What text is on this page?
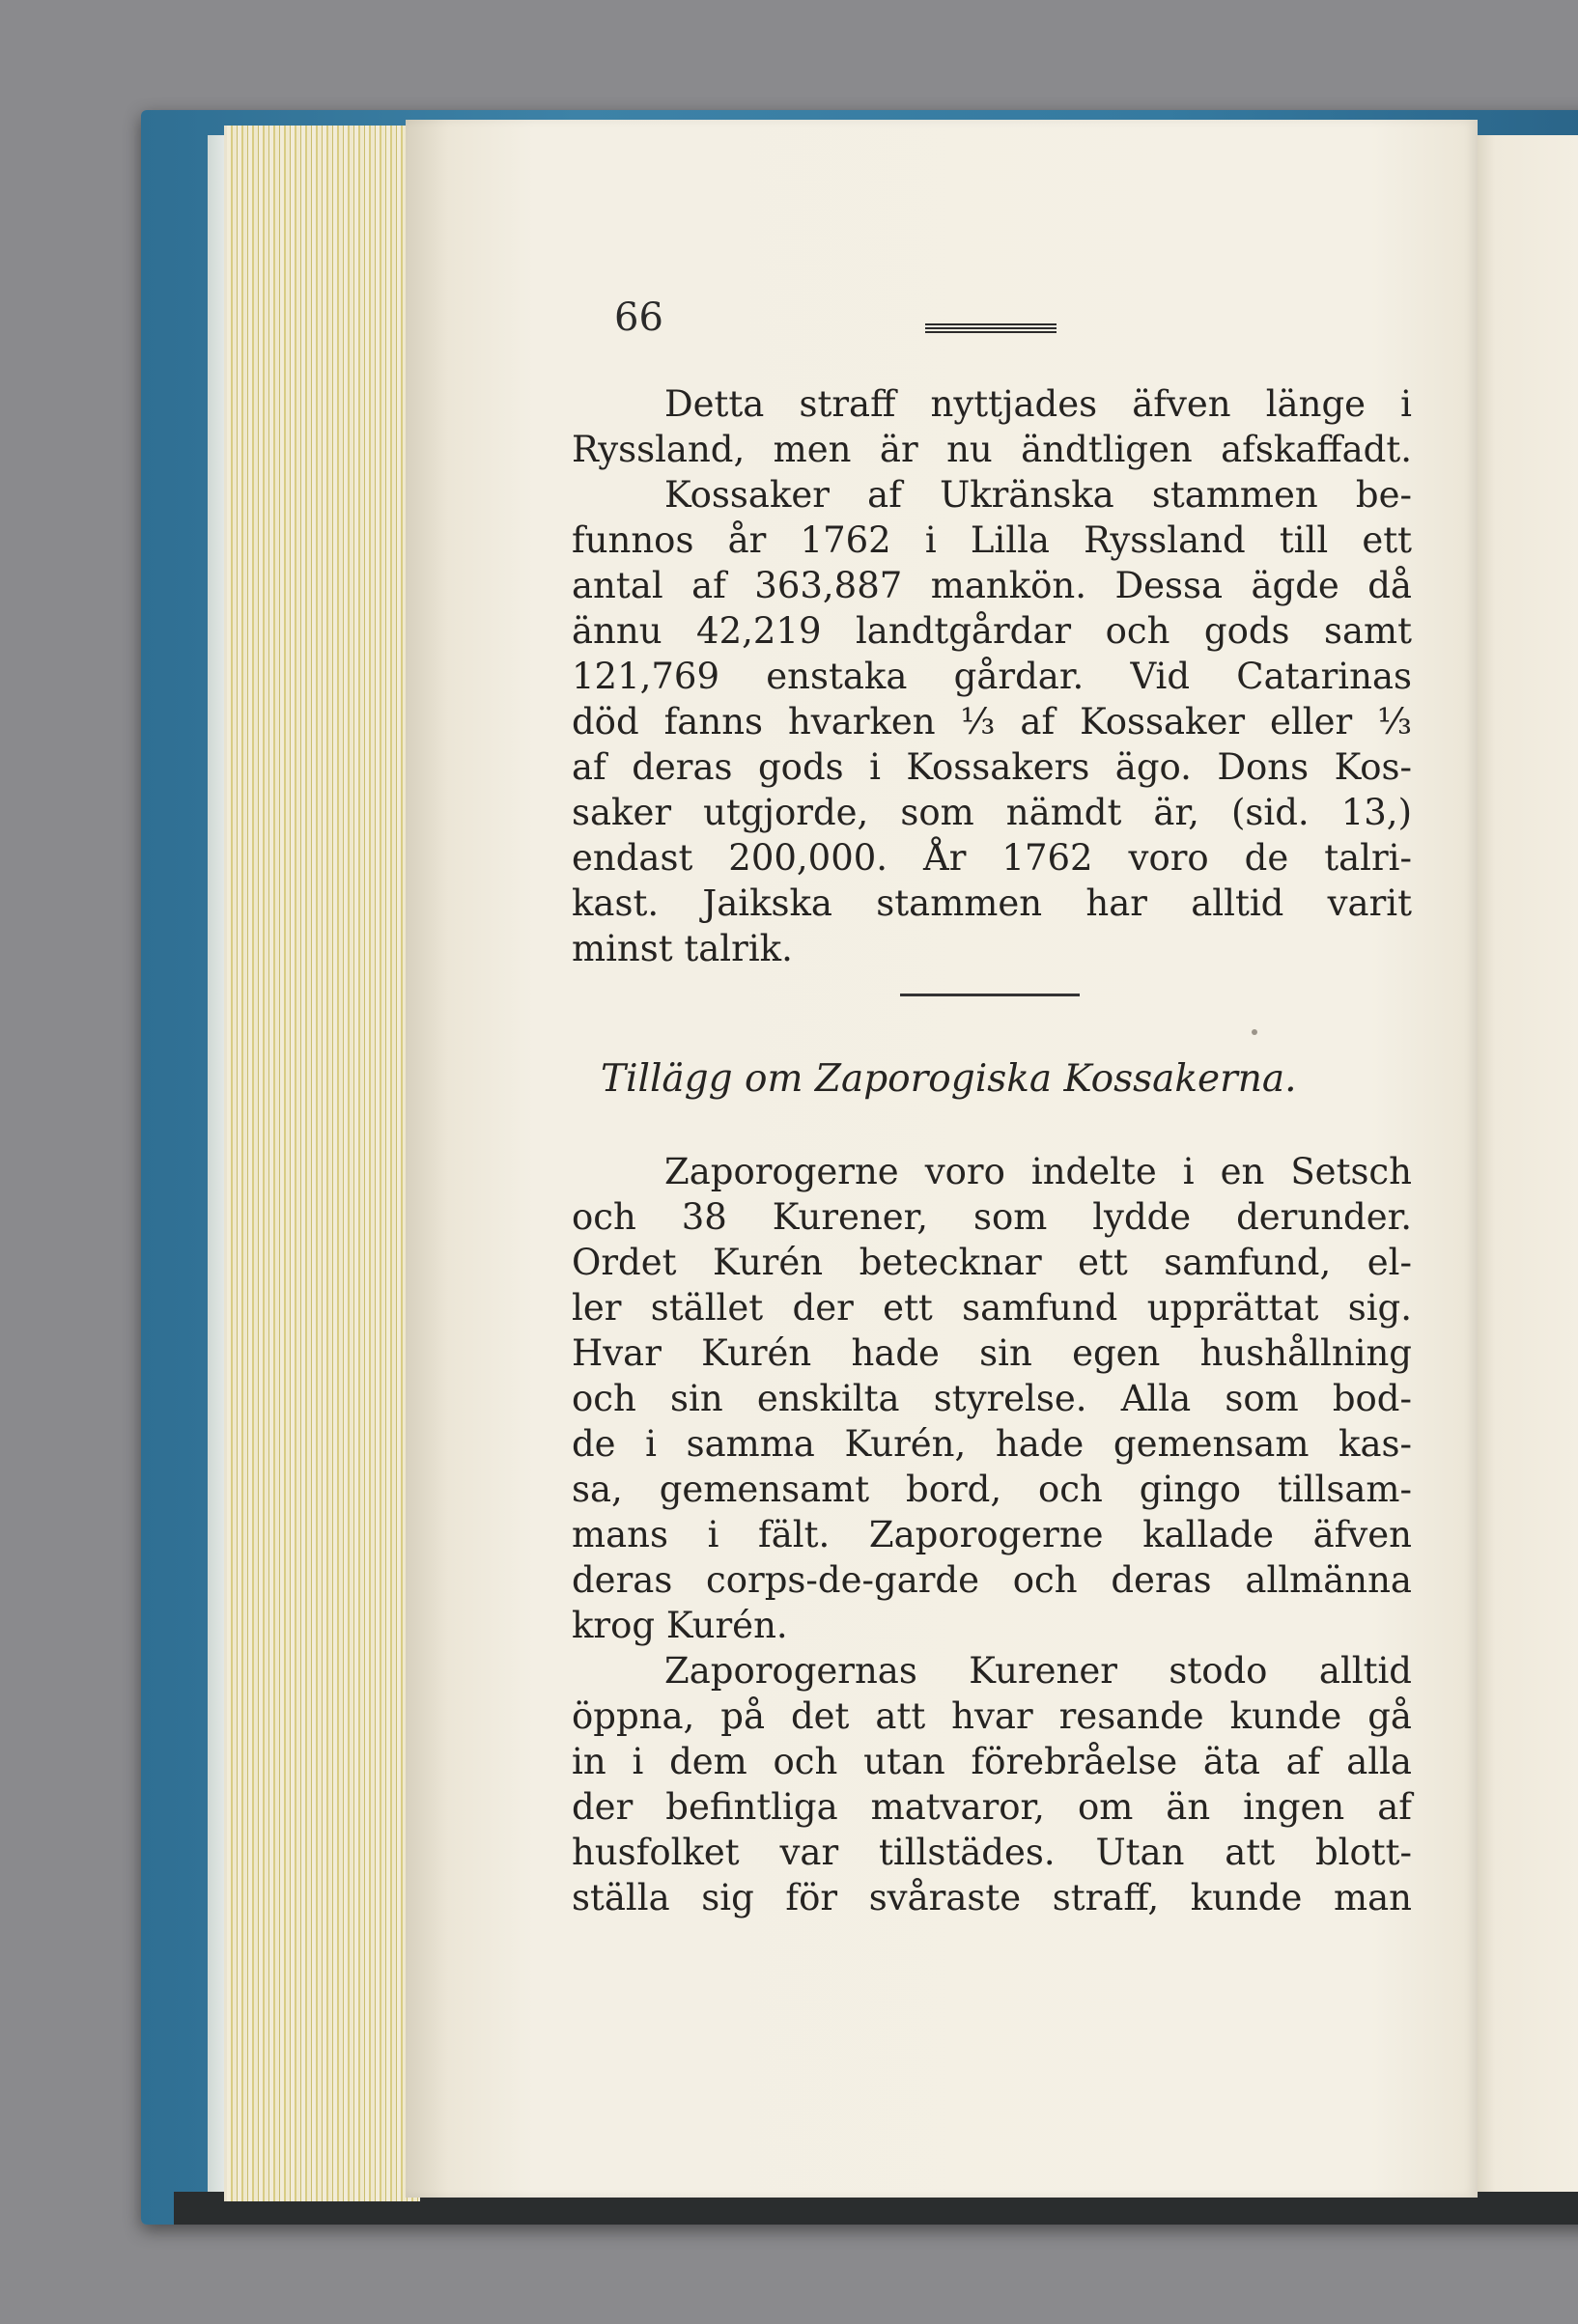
66
Detta straff nyttjades äfven länge i
Ryssland, men är nu ändtligen afskaffadt.
Kossaker af Ukränska stammen be-
funnos år 1762 i Lilla Ryssland till ett
antal af 363,887 mankön. Dessa ägde då
ännu 42,219 landtgårdar och gods samt
121,769 enstaka gårdar. Vid Catarinas
död fanns hvarken ⅓ af Kossaker eller ⅓
af deras gods i Kossakers ägo. Dons Kos-
saker utgjorde, som nämdt är, (sid. 13,)
endast 200,000. År 1762 voro de talri-
kast. Jaikska stammen har alltid varit
minst talrik.
Tillägg om Zaporogiska Kossakerna.
Zaporogerne voro indelte i en Setsch
och 38 Kurener, som lydde derunder.
Ordet Kurén betecknar ett samfund, el-
ler stället der ett samfund upprättat sig.
Hvar Kurén hade sin egen hushållning
och sin enskilta styrelse. Alla som bod-
de i samma Kurén, hade gemensam kas-
sa, gemensamt bord, och gingo tillsam-
mans i fält. Zaporogerne kallade äfven
deras corps-de-garde och deras allmänna
krog Kurén.
Zaporogernas Kurener stodo alltid
öppna, på det att hvar resande kunde gå
in i dem och utan förebråelse äta af alla
der befintliga matvaror, om än ingen af
husfolket var tillstädes. Utan att blott-
ställa sig för svåraste straff, kunde man
